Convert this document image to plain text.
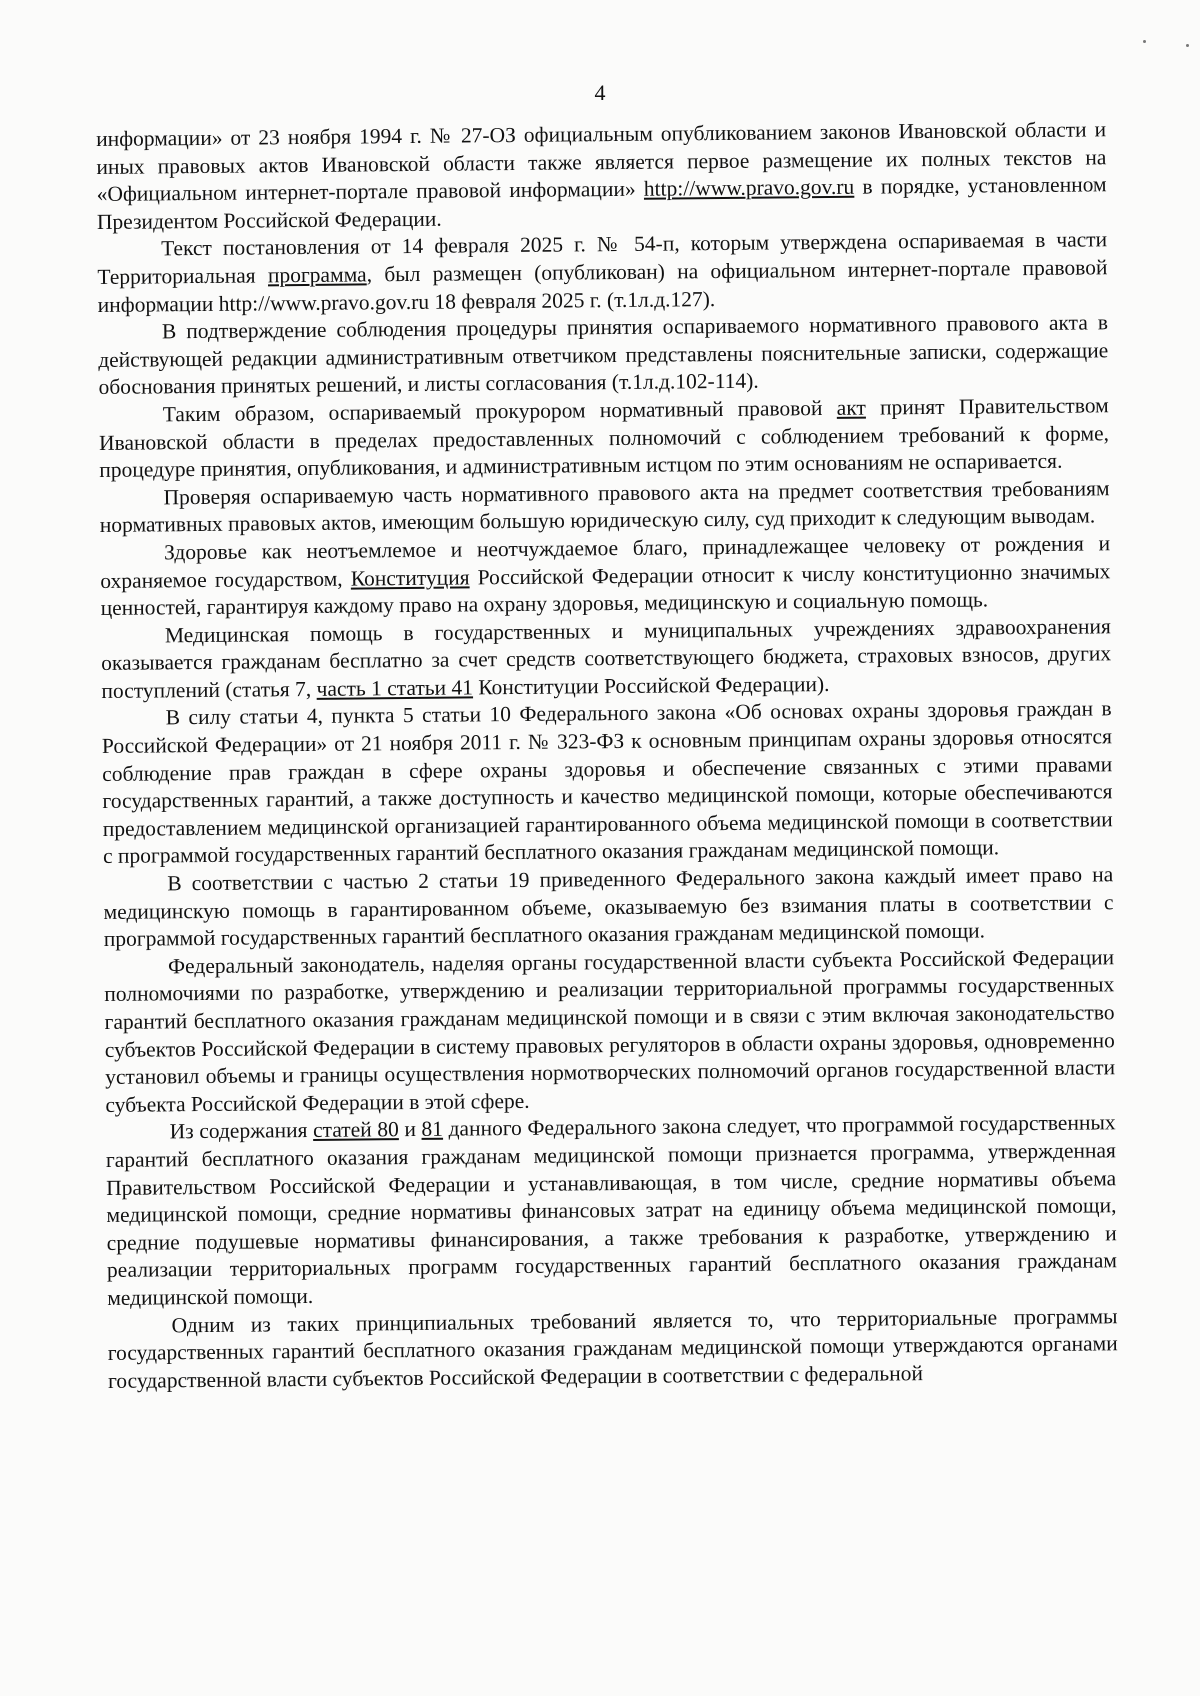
4

информации» от 23 ноября 1994 г. № 27-ОЗ официальным опубликованием законов Ивановской области и иных правовых актов Ивановской области также является первое размещение их полных текстов на «Официальном интернет-портале правовой информации» http://www.pravo.gov.ru в порядке, установленном Президентом Российской Федерации.

Текст постановления от 14 февраля 2025 г. № 54-п, которым утверждена оспариваемая в части Территориальная программа, был размещен (опубликован) на официальном интернет-портале правовой информации http://www.pravo.gov.ru 18 февраля 2025 г. (т.1л.д.127).

В подтверждение соблюдения процедуры принятия оспариваемого нормативного правового акта в действующей редакции административным ответчиком представлены пояснительные записки, содержащие обоснования принятых решений, и листы согласования (т.1л.д.102-114).

Таким образом, оспариваемый прокурором нормативный правовой акт принят Правительством Ивановской области в пределах предоставленных полномочий с соблюдением требований к форме, процедуре принятия, опубликования, и административным истцом по этим основаниям не оспаривается.

Проверяя оспариваемую часть нормативного правового акта на предмет соответствия требованиям нормативных правовых актов, имеющим большую юридическую силу, суд приходит к следующим выводам.

Здоровье как неотъемлемое и неотчуждаемое благо, принадлежащее человеку от рождения и охраняемое государством, Конституция Российской Федерации относит к числу конституционно значимых ценностей, гарантируя каждому право на охрану здоровья, медицинскую и социальную помощь.

Медицинская помощь в государственных и муниципальных учреждениях здравоохранения оказывается гражданам бесплатно за счет средств соответствующего бюджета, страховых взносов, других поступлений (статья 7, часть 1 статьи 41 Конституции Российской Федерации).

В силу статьи 4, пункта 5 статьи 10 Федерального закона «Об основах охраны здоровья граждан в Российской Федерации» от 21 ноября 2011 г. № 323-ФЗ к основным принципам охраны здоровья относятся соблюдение прав граждан в сфере охраны здоровья и обеспечение связанных с этими правами государственных гарантий, а также доступность и качество медицинской помощи, которые обеспечиваются предоставлением медицинской организацией гарантированного объема медицинской помощи в соответствии с программой государственных гарантий бесплатного оказания гражданам медицинской помощи.

В соответствии с частью 2 статьи 19 приведенного Федерального закона каждый имеет право на медицинскую помощь в гарантированном объеме, оказываемую без взимания платы в соответствии с программой государственных гарантий бесплатного оказания гражданам медицинской помощи.

Федеральный законодатель, наделяя органы государственной власти субъекта Российской Федерации полномочиями по разработке, утверждению и реализации территориальной программы государственных гарантий бесплатного оказания гражданам медицинской помощи и в связи с этим включая законодательство субъектов Российской Федерации в систему правовых регуляторов в области охраны здоровья, одновременно установил объемы и границы осуществления нормотворческих полномочий органов государственной власти субъекта Российской Федерации в этой сфере.

Из содержания статей 80 и 81 данного Федерального закона следует, что программой государственных гарантий бесплатного оказания гражданам медицинской помощи признается программа, утвержденная Правительством Российской Федерации и устанавливающая, в том числе, средние нормативы объема медицинской помощи, средние нормативы финансовых затрат на единицу объема медицинской помощи, средние подушевые нормативы финансирования, а также требования к разработке, утверждению и реализации территориальных программ государственных гарантий бесплатного оказания гражданам медицинской помощи.

Одним из таких принципиальных требований является то, что территориальные программы государственных гарантий бесплатного оказания гражданам медицинской помощи утверждаются органами государственной власти субъектов Российской Федерации в соответствии с федеральной
